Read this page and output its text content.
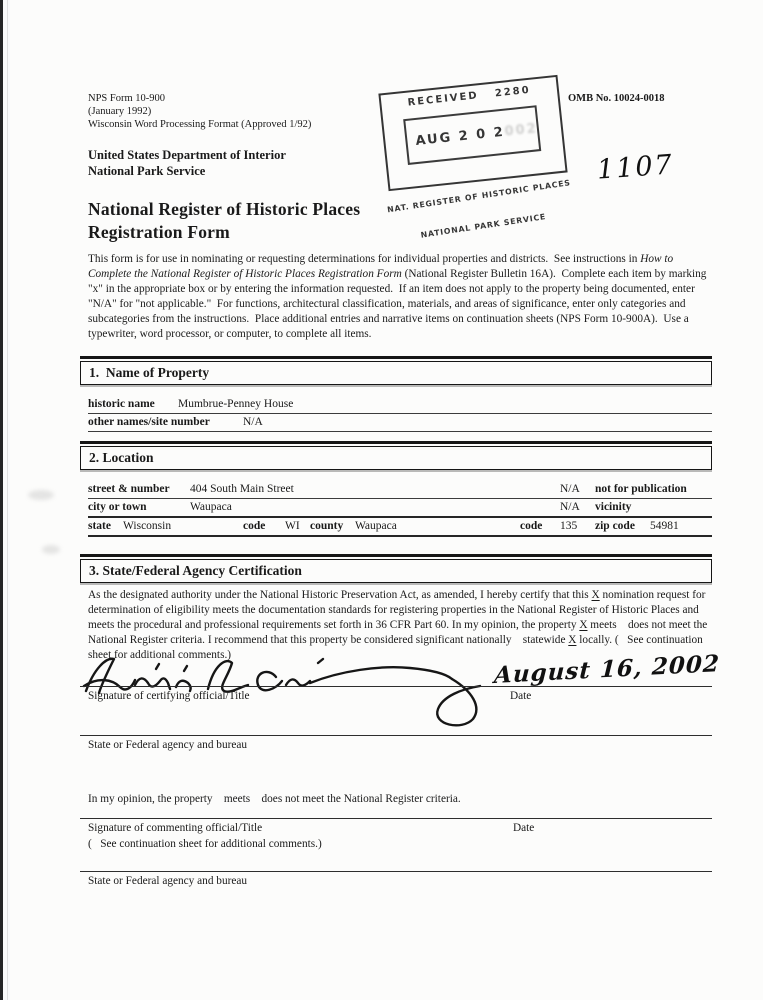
NPS Form 10-900
(January 1992)
Wisconsin Word Processing Format (Approved 1/92)
OMB No. 10024-0018
RECEIVED   2280
AUG 2 0 2
002

NAT. REGISTER OF HISTORIC PLACES

NATIONAL PARK SERVICE

1107
United States Department of Interior
National Park Service
National Register of Historic Places
Registration Form

This form is for use in nominating or requesting determinations for individual properties and districts.  See instructions in How to Complete the National Register of Historic Places Registration Form (National Register Bulletin 16A).  Complete each item by marking "x" in the appropriate box or by entering the information requested.  If an item does not apply to the property being documented, enter "N/A" for "not applicable."  For functions, architectural classification, materials, and areas of significance, enter only categories and subcategories from the instructions.  Place additional entries and narrative items on continuation sheets (NPS Form 10-900A).  Use a typewriter, word processor, or computer, to complete all items.

1.  Name of Property
historic name Mumbrue-Penney House
other names/site number	N/A
2. Location
street & number 404 South Main Street	N/A not for publication
city or town	Waupaca	N/A vicinity
state Wisconsin	code WI county Waupaca	code 135 zip code 54981
3. State/Federal Agency Certification

As the designated authority under the National Historic Preservation Act, as amended, I hereby certify that this X nomination request for determination of eligibility meets the documentation standards for registering properties in the National Register of Historic Places and meets the procedural and professional requirements set forth in 36 CFR Part 60. In my opinion, the property X meets    does not meet the National Register criteria. I recommend that this property be considered significant nationally    statewide X locally. (   See continuation sheet for additional comments.)	August 16, 2002
Signature of certifying official/Title	Date
State or Federal agency and bureau

In my opinion, the property    meets    does not meet the National Register criteria.

(   See continuation sheet for additional comments.)

Signature of commenting official/Title	Date
State or Federal agency and bureau
